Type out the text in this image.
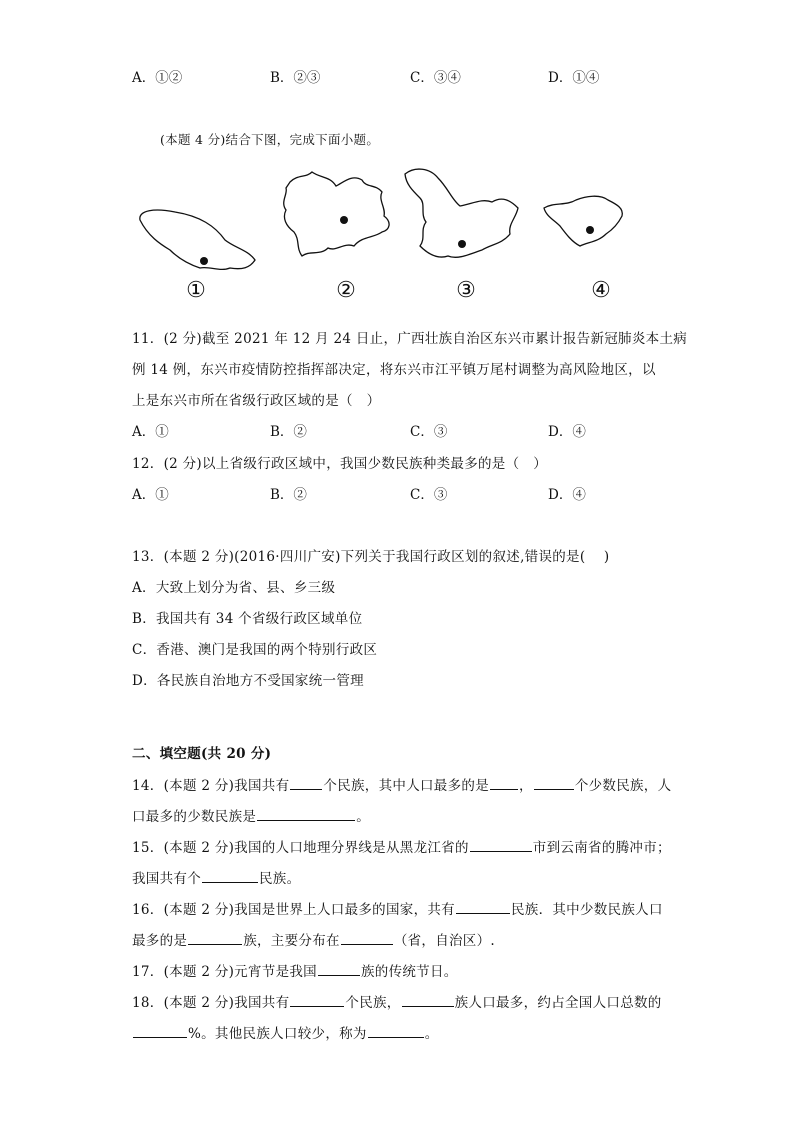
A．①②	B．②③	C．③④	D．①④
(本题 4 分)结合下图，完成下面小题。
①	②	③	④
11．(2 分)截至 2021 年 12 月 24 日止，广西壮族自治区东兴市累计报告新冠肺炎本土病
例 14 例，东兴市疫情防控指挥部决定，将东兴市江平镇万尾村调整为高风险地区，以
上是东兴市所在省级行政区域的是（　）
A．①	B．②	C．③	D．④
12．(2 分)以上省级行政区域中，我国少数民族种类最多的是（　）
A．①	B．②	C．③	D．④
13．(本题 2 分)(2016·四川广安)下列关于我国行政区划的叙述,错误的是(　 )
A．大致上划分为省、县、乡三级
B．我国共有 34 个省级行政区域单位
C．香港、澳门是我国的两个特别行政区
D．各民族自治地方不受国家统一管理
二、填空题(共 20 分)
14．(本题 2 分)我国共有	个民族，其中人口最多的是 ，	个少数民族，人
口最多的少数民族是	。
15．(本题 2 分)我国的人口地理分界线是从黑龙江省的	市到云南省的腾冲市；
我国共有个	民族。
16．(本题 2 分)我国是世界上人口最多的国家，共有	民族．其中少数民族人口
最多的是	族，主要分布在	（省，自治区）.
17．(本题 2 分)元宵节是我国	族的传统节日。
18．(本题 2 分)我国共有	个民族，	族人口最多，约占全国人口总数的
%。其他民族人口较少，称为	。
